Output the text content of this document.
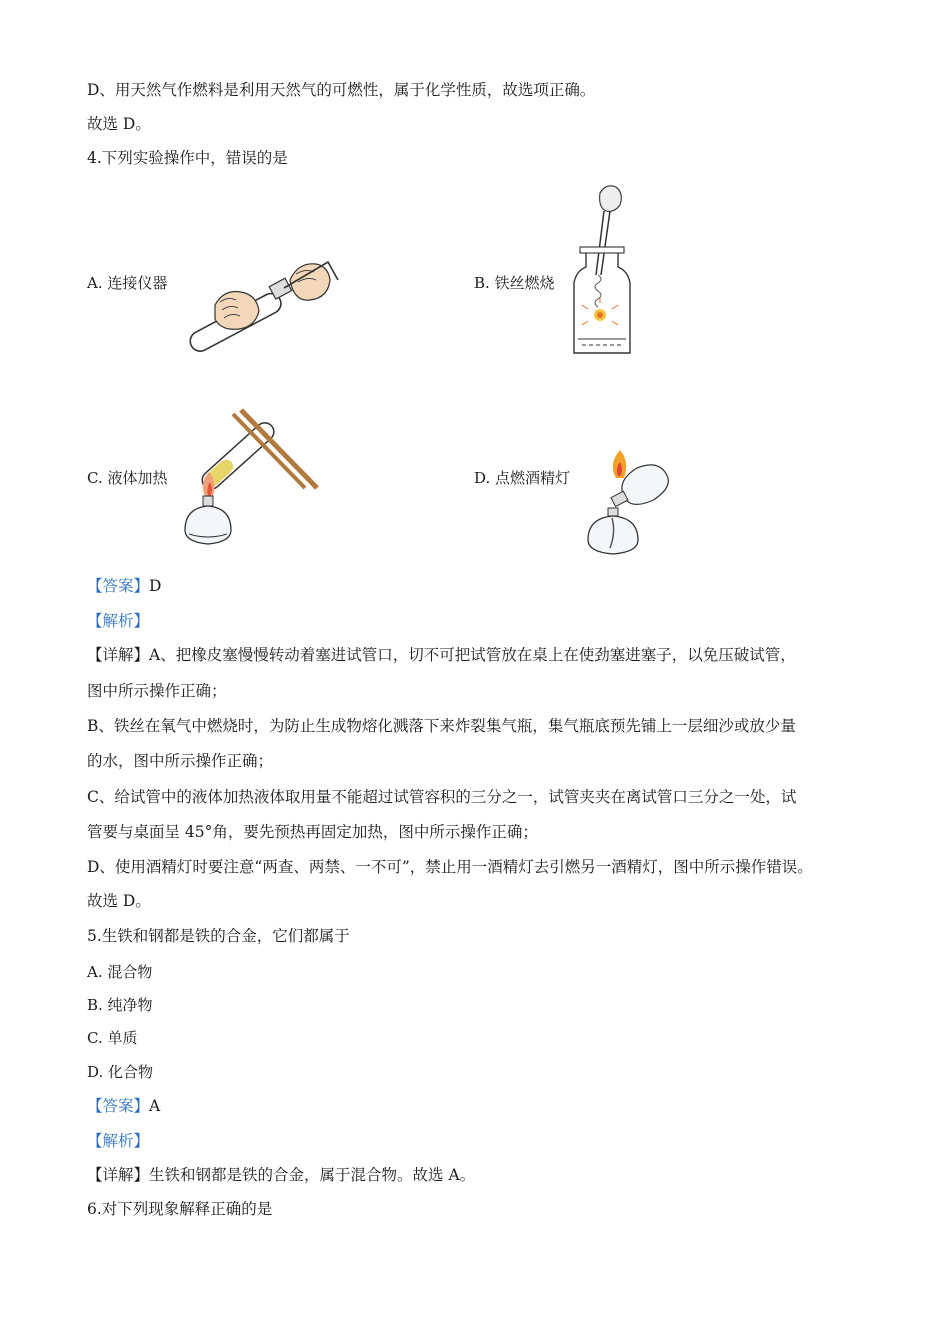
D、用天然气作燃料是利用天然气的可燃性，属于化学性质，故选项正确。
故选 D。
4.下列实验操作中，错误的是
A. 连接仪器	B. 铁丝燃烧
C. 液体加热	D. 点燃酒精灯
【答案】D
【解析】
【详解】A、把橡皮塞慢慢转动着塞进试管口，切不可把试管放在桌上在使劲塞进塞子，以免压破试管，
图中所示操作正确；
B、铁丝在氧气中燃烧时，为防止生成物熔化溅落下来炸裂集气瓶，集气瓶底预先铺上一层细沙或放少量
的水，图中所示操作正确；
C、给试管中的液体加热液体取用量不能超过试管容积的三分之一，试管夹夹在离试管口三分之一处，试
管要与桌面呈 45°角，要先预热再固定加热，图中所示操作正确；
D、使用酒精灯时要注意“两查、两禁、一不可”，禁止用一酒精灯去引燃另一酒精灯，图中所示操作错误。
故选 D。
5.生铁和钢都是铁的合金，它们都属于
A. 混合物
B. 纯净物
C. 单质
D. 化合物
【答案】A
【解析】
【详解】生铁和钢都是铁的合金，属于混合物。故选 A。
6.对下列现象解释正确的是
